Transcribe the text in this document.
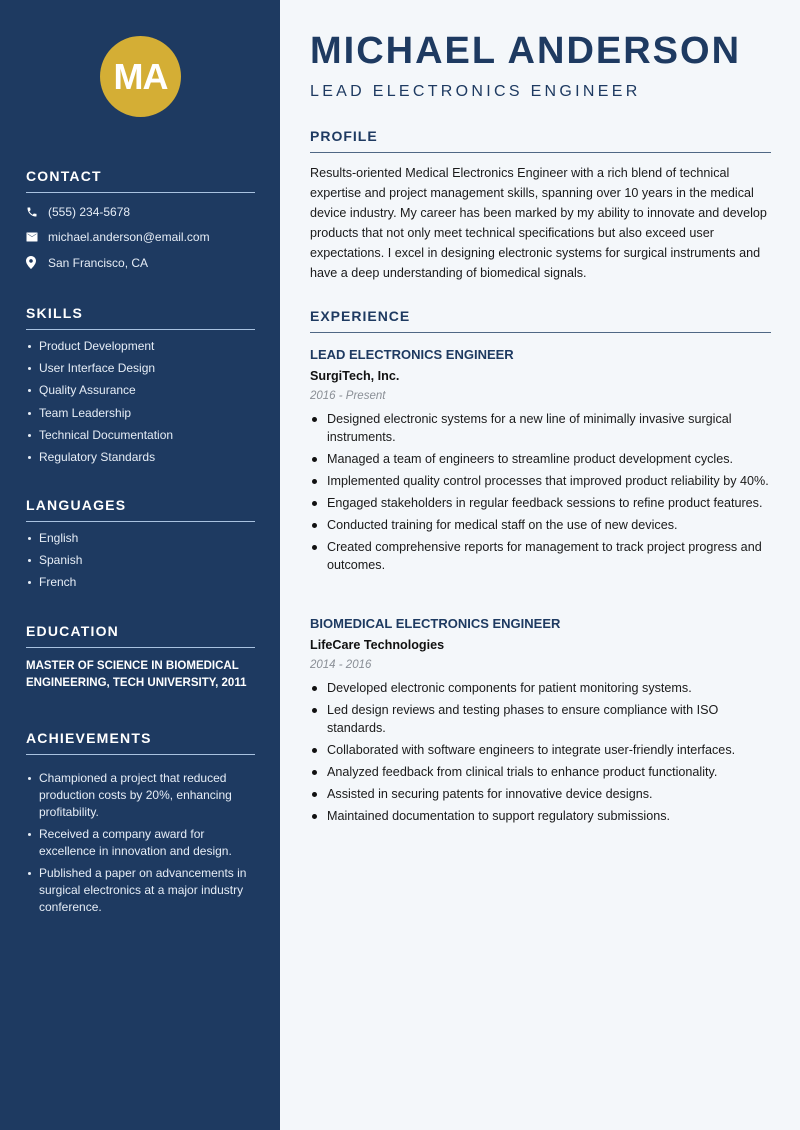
MA
CONTACT
(555) 234-5678
michael.anderson@email.com
San Francisco, CA
SKILLS
Product Development
User Interface Design
Quality Assurance
Team Leadership
Technical Documentation
Regulatory Standards
LANGUAGES
English
Spanish
French
EDUCATION
MASTER OF SCIENCE IN BIOMEDICAL ENGINEERING, TECH UNIVERSITY, 2011
ACHIEVEMENTS
Championed a project that reduced production costs by 20%, enhancing profitability.
Received a company award for excellence in innovation and design.
Published a paper on advancements in surgical electronics at a major industry conference.
MICHAEL ANDERSON
LEAD ELECTRONICS ENGINEER
PROFILE

Results-oriented Medical Electronics Engineer with a rich blend of technical expertise and project management skills, spanning over 10 years in the medical device industry. My career has been marked by my ability to innovate and develop products that not only meet technical specifications but also exceed user expectations. I excel in designing electronic systems for surgical instruments and have a deep understanding of biomedical signals.

EXPERIENCE
LEAD ELECTRONICS ENGINEER
SurgiTech, Inc.
2016 - Present
Designed electronic systems for a new line of minimally invasive surgical instruments.
Managed a team of engineers to streamline product development cycles.
Implemented quality control processes that improved product reliability by 40%.
Engaged stakeholders in regular feedback sessions to refine product features.
Conducted training for medical staff on the use of new devices.
Created comprehensive reports for management to track project progress and outcomes.
BIOMEDICAL ELECTRONICS ENGINEER
LifeCare Technologies
2014 - 2016
Developed electronic components for patient monitoring systems.
Led design reviews and testing phases to ensure compliance with ISO standards.
Collaborated with software engineers to integrate user-friendly interfaces.
Analyzed feedback from clinical trials to enhance product functionality.
Assisted in securing patents for innovative device designs.
Maintained documentation to support regulatory submissions.
